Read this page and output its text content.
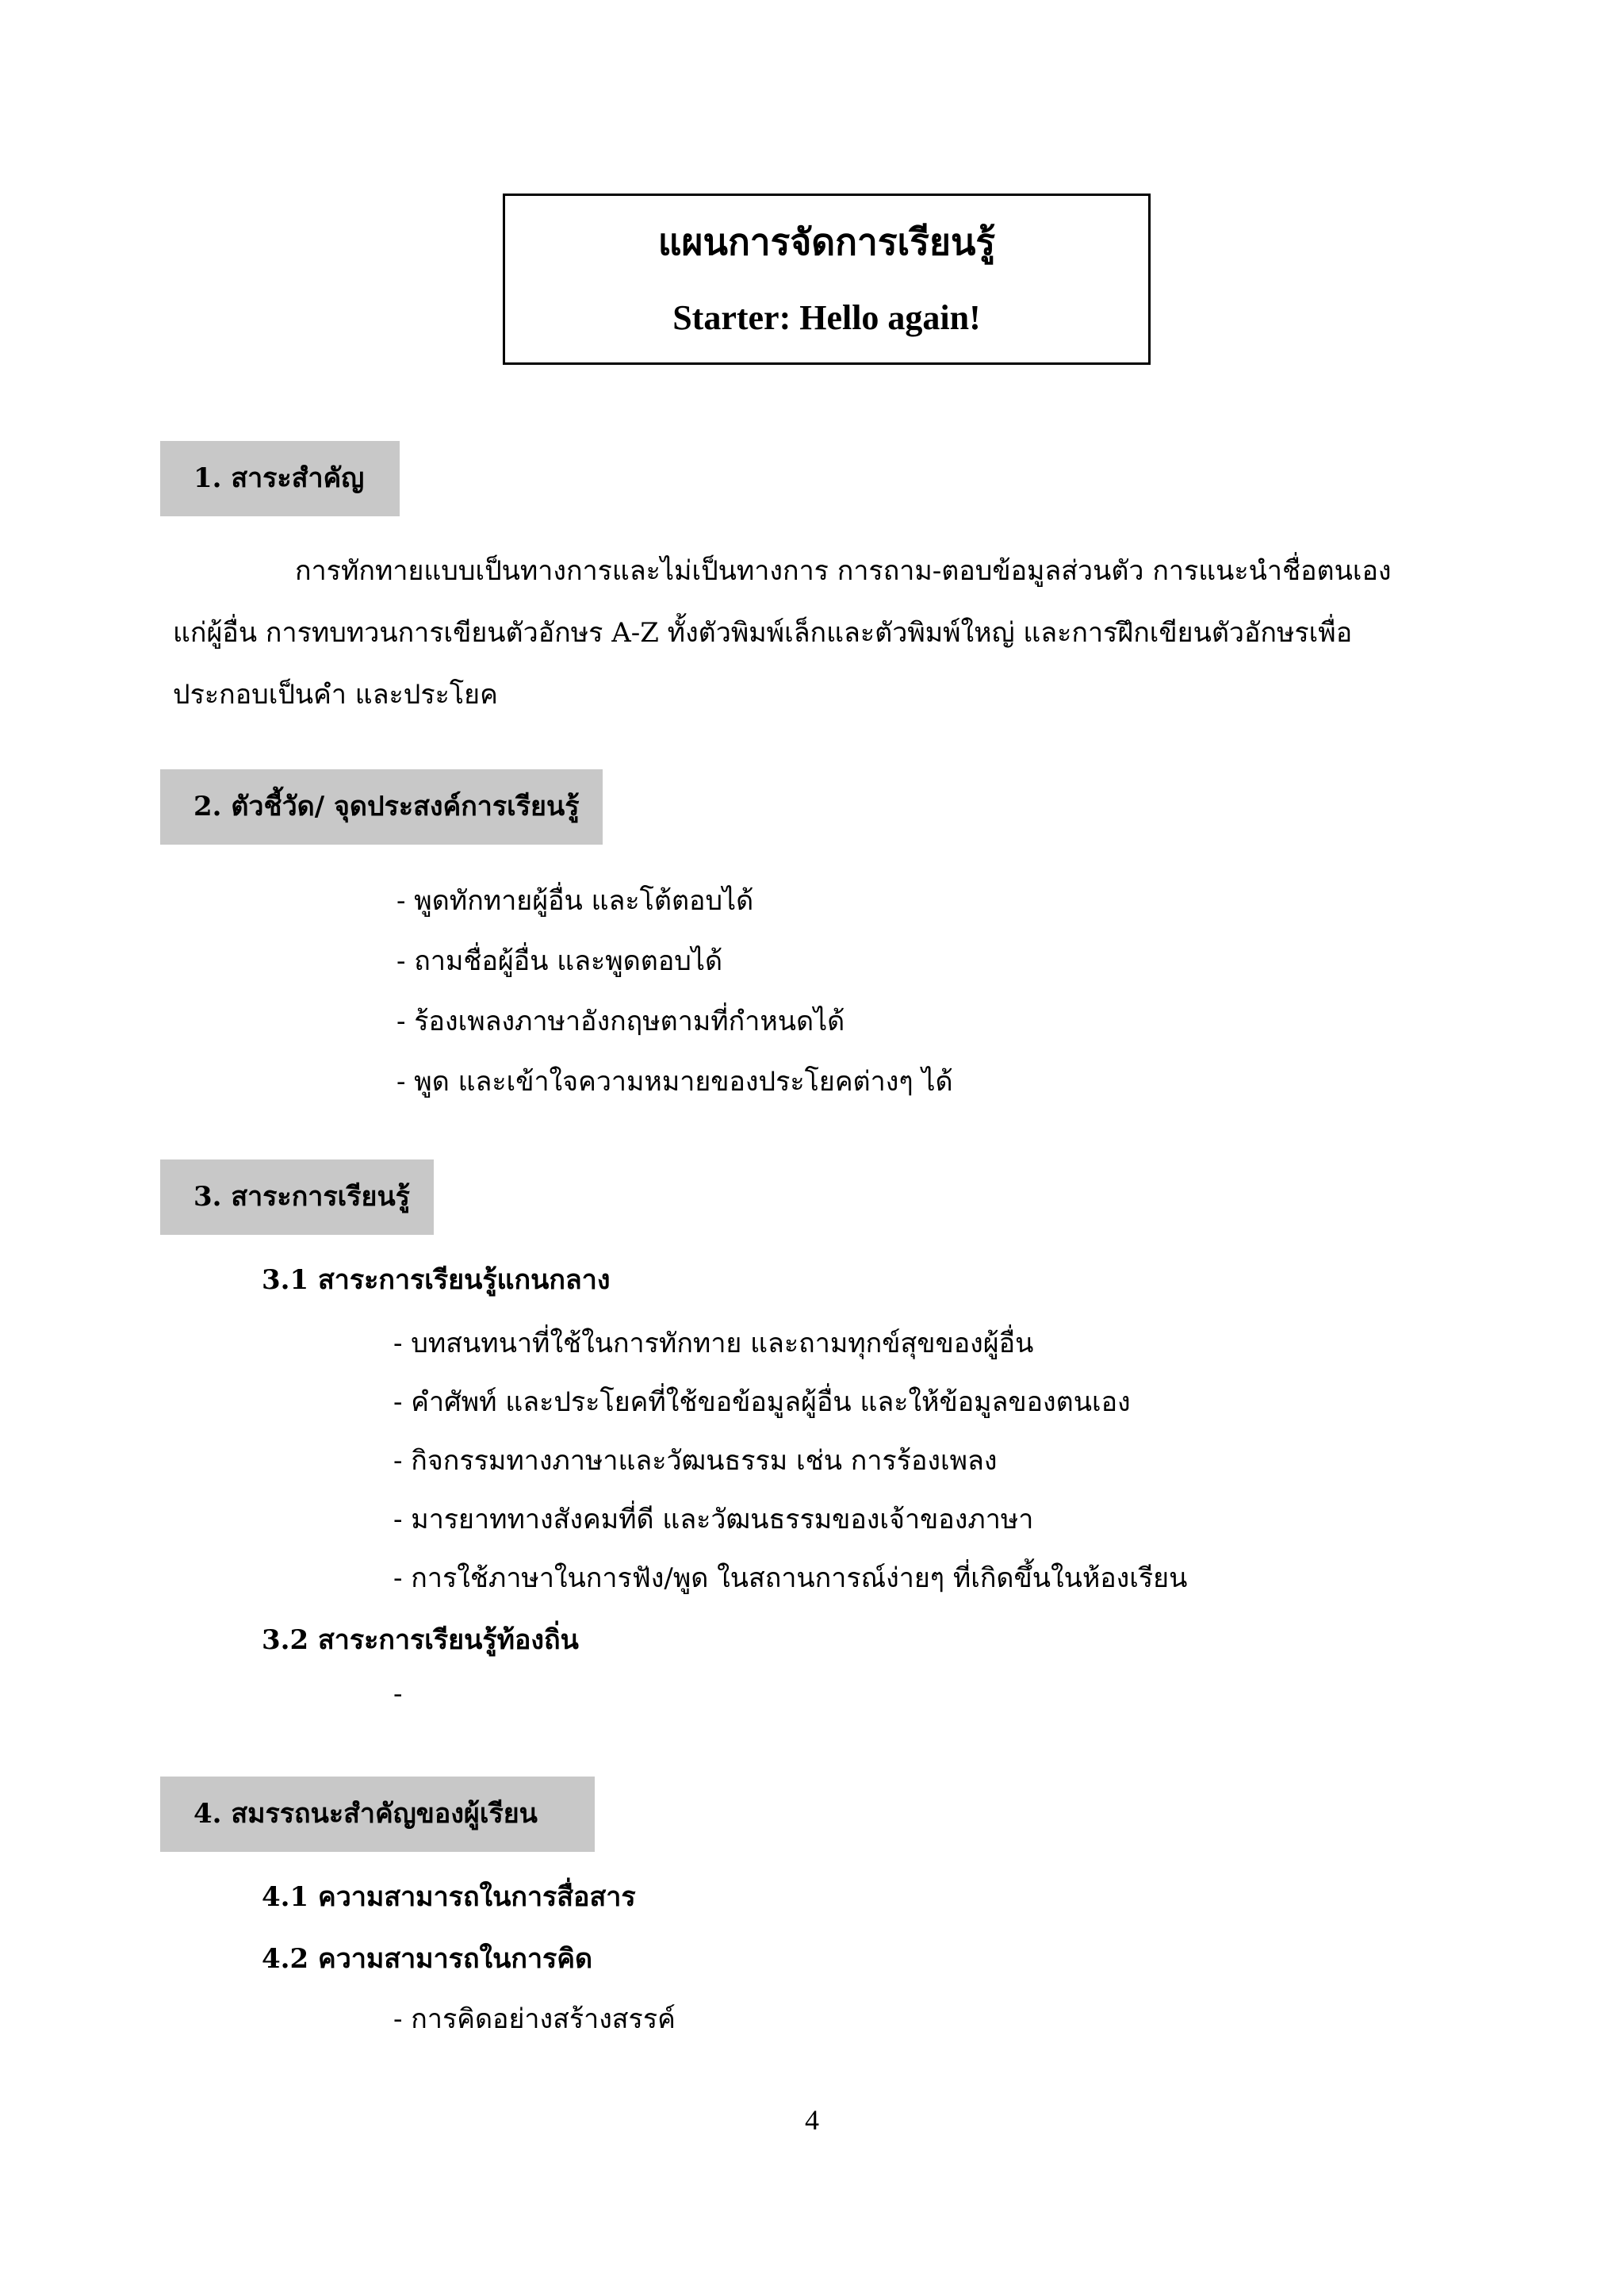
แผนการจัดการเรียนรู้
Starter: Hello again!
1. สาระสำคัญ
การทักทายแบบเป็นทางการและไม่เป็นทางการ การถาม-ตอบข้อมูลส่วนตัว การแนะนำชื่อตนเอง
แก่ผู้อื่น การทบทวนการเขียนตัวอักษร A-Z ทั้งตัวพิมพ์เล็กและตัวพิมพ์ใหญ่ และการฝึกเขียนตัวอักษรเพื่อ
ประกอบเป็นคำ และประโยค
2. ตัวชี้วัด/ จุดประสงค์การเรียนรู้
- พูดทักทายผู้อื่น และโต้ตอบได้
- ถามชื่อผู้อื่น และพูดตอบได้
- ร้องเพลงภาษาอังกฤษตามที่กำหนดได้
- พูด และเข้าใจความหมายของประโยคต่างๆ ได้
3. สาระการเรียนรู้
3.1 สาระการเรียนรู้แกนกลาง
- บทสนทนาที่ใช้ในการทักทาย และถามทุกข์สุขของผู้อื่น
- คำศัพท์ และประโยคที่ใช้ขอข้อมูลผู้อื่น และให้ข้อมูลของตนเอง
- กิจกรรมทางภาษาและวัฒนธรรม เช่น การร้องเพลง
- มารยาททางสังคมที่ดี และวัฒนธรรมของเจ้าของภาษา
- การใช้ภาษาในการฟัง/พูด ในสถานการณ์ง่ายๆ ที่เกิดขึ้นในห้องเรียน
3.2 สาระการเรียนรู้ท้องถิ่น
-
4. สมรรถนะสำคัญของผู้เรียน
4.1 ความสามารถในการสื่อสาร
4.2 ความสามารถในการคิด
- การคิดอย่างสร้างสรรค์
4
